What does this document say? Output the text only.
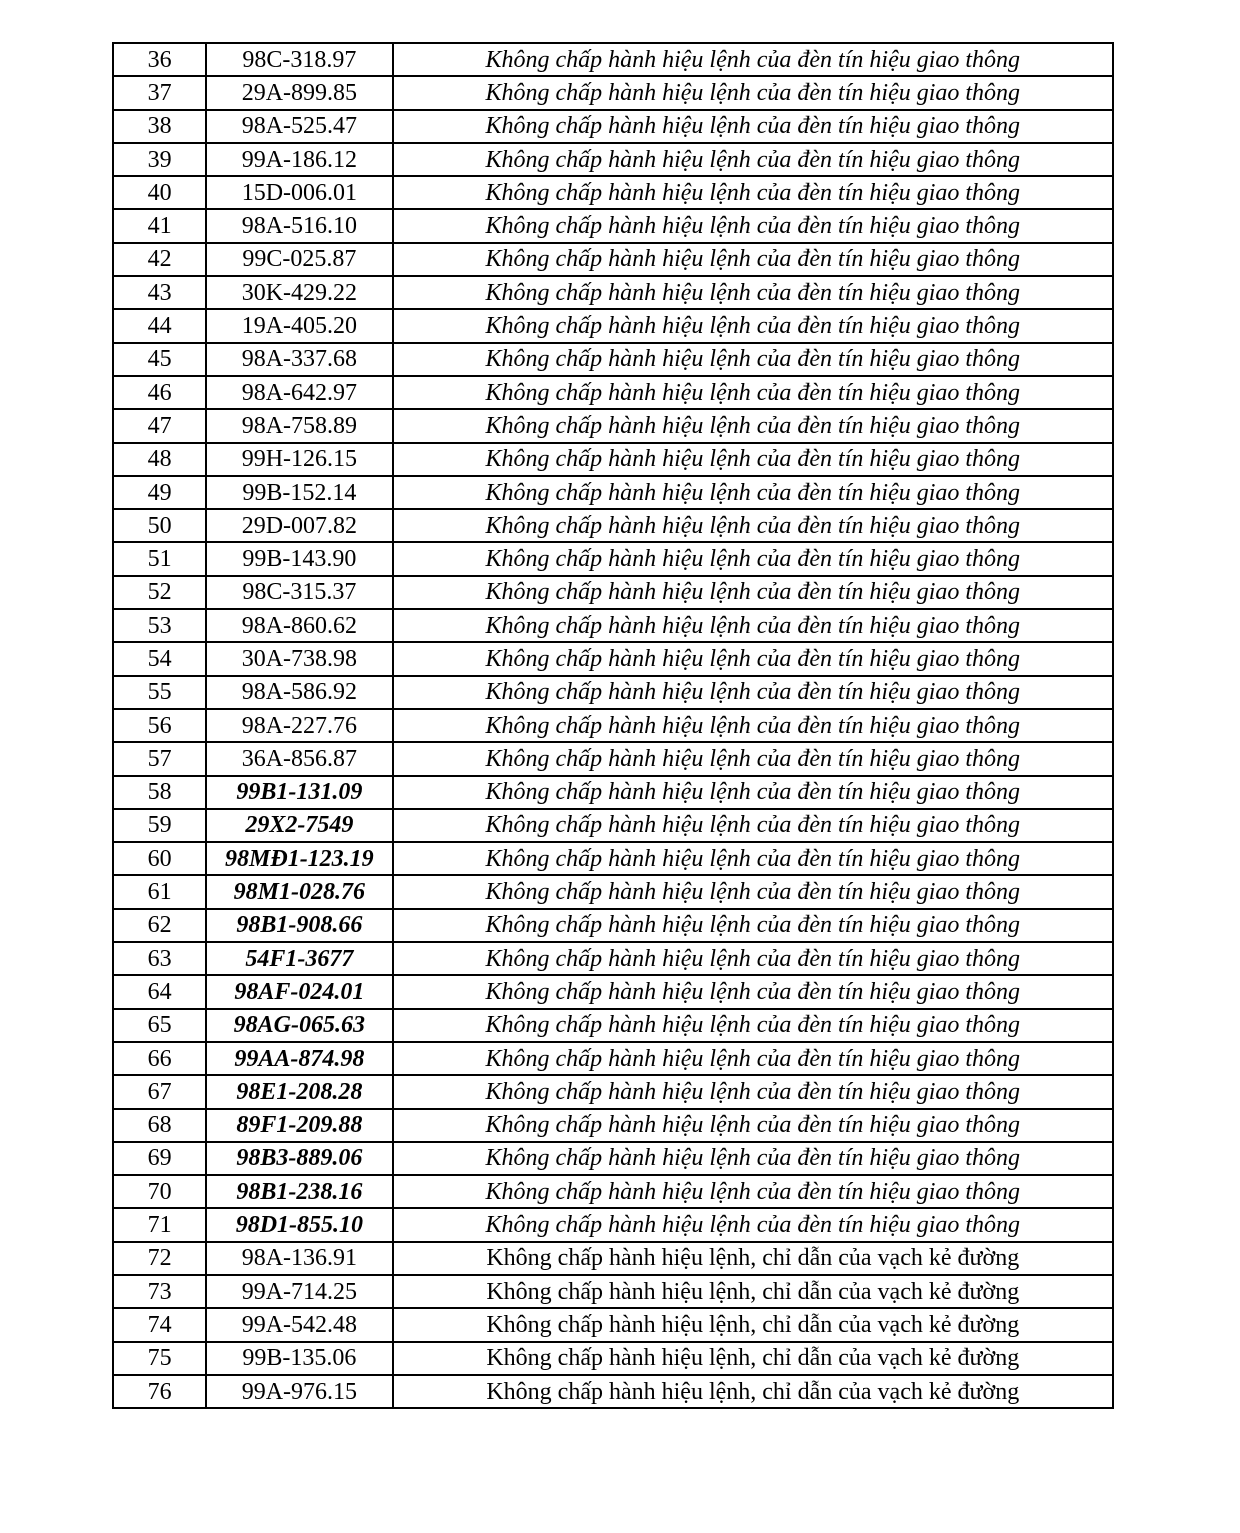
36	98C-318.97	Không chấp hành hiệu lệnh của đèn tín hiệu giao thông
37	29A-899.85	Không chấp hành hiệu lệnh của đèn tín hiệu giao thông
38	98A-525.47	Không chấp hành hiệu lệnh của đèn tín hiệu giao thông
39	99A-186.12	Không chấp hành hiệu lệnh của đèn tín hiệu giao thông
40	15D-006.01	Không chấp hành hiệu lệnh của đèn tín hiệu giao thông
41	98A-516.10	Không chấp hành hiệu lệnh của đèn tín hiệu giao thông
42	99C-025.87	Không chấp hành hiệu lệnh của đèn tín hiệu giao thông
43	30K-429.22	Không chấp hành hiệu lệnh của đèn tín hiệu giao thông
44	19A-405.20	Không chấp hành hiệu lệnh của đèn tín hiệu giao thông
45	98A-337.68	Không chấp hành hiệu lệnh của đèn tín hiệu giao thông
46	98A-642.97	Không chấp hành hiệu lệnh của đèn tín hiệu giao thông
47	98A-758.89	Không chấp hành hiệu lệnh của đèn tín hiệu giao thông
48	99H-126.15	Không chấp hành hiệu lệnh của đèn tín hiệu giao thông
49	99B-152.14	Không chấp hành hiệu lệnh của đèn tín hiệu giao thông
50	29D-007.82	Không chấp hành hiệu lệnh của đèn tín hiệu giao thông
51	99B-143.90	Không chấp hành hiệu lệnh của đèn tín hiệu giao thông
52	98C-315.37	Không chấp hành hiệu lệnh của đèn tín hiệu giao thông
53	98A-860.62	Không chấp hành hiệu lệnh của đèn tín hiệu giao thông
54	30A-738.98	Không chấp hành hiệu lệnh của đèn tín hiệu giao thông
55	98A-586.92	Không chấp hành hiệu lệnh của đèn tín hiệu giao thông
56	98A-227.76	Không chấp hành hiệu lệnh của đèn tín hiệu giao thông
57	36A-856.87	Không chấp hành hiệu lệnh của đèn tín hiệu giao thông
58	99B1-131.09	Không chấp hành hiệu lệnh của đèn tín hiệu giao thông
59	29X2-7549	Không chấp hành hiệu lệnh của đèn tín hiệu giao thông
60	98MĐ1-123.19	Không chấp hành hiệu lệnh của đèn tín hiệu giao thông
61	98M1-028.76	Không chấp hành hiệu lệnh của đèn tín hiệu giao thông
62	98B1-908.66	Không chấp hành hiệu lệnh của đèn tín hiệu giao thông
63	54F1-3677	Không chấp hành hiệu lệnh của đèn tín hiệu giao thông
64	98AF-024.01	Không chấp hành hiệu lệnh của đèn tín hiệu giao thông
65	98AG-065.63	Không chấp hành hiệu lệnh của đèn tín hiệu giao thông
66	99AA-874.98	Không chấp hành hiệu lệnh của đèn tín hiệu giao thông
67	98E1-208.28	Không chấp hành hiệu lệnh của đèn tín hiệu giao thông
68	89F1-209.88	Không chấp hành hiệu lệnh của đèn tín hiệu giao thông
69	98B3-889.06	Không chấp hành hiệu lệnh của đèn tín hiệu giao thông
70	98B1-238.16	Không chấp hành hiệu lệnh của đèn tín hiệu giao thông
71	98D1-855.10	Không chấp hành hiệu lệnh của đèn tín hiệu giao thông
72	98A-136.91	Không chấp hành hiệu lệnh, chỉ dẫn của vạch kẻ đường
73	99A-714.25	Không chấp hành hiệu lệnh, chỉ dẫn của vạch kẻ đường
74	99A-542.48	Không chấp hành hiệu lệnh, chỉ dẫn của vạch kẻ đường
75	99B-135.06	Không chấp hành hiệu lệnh, chỉ dẫn của vạch kẻ đường
76	99A-976.15	Không chấp hành hiệu lệnh, chỉ dẫn của vạch kẻ đường
